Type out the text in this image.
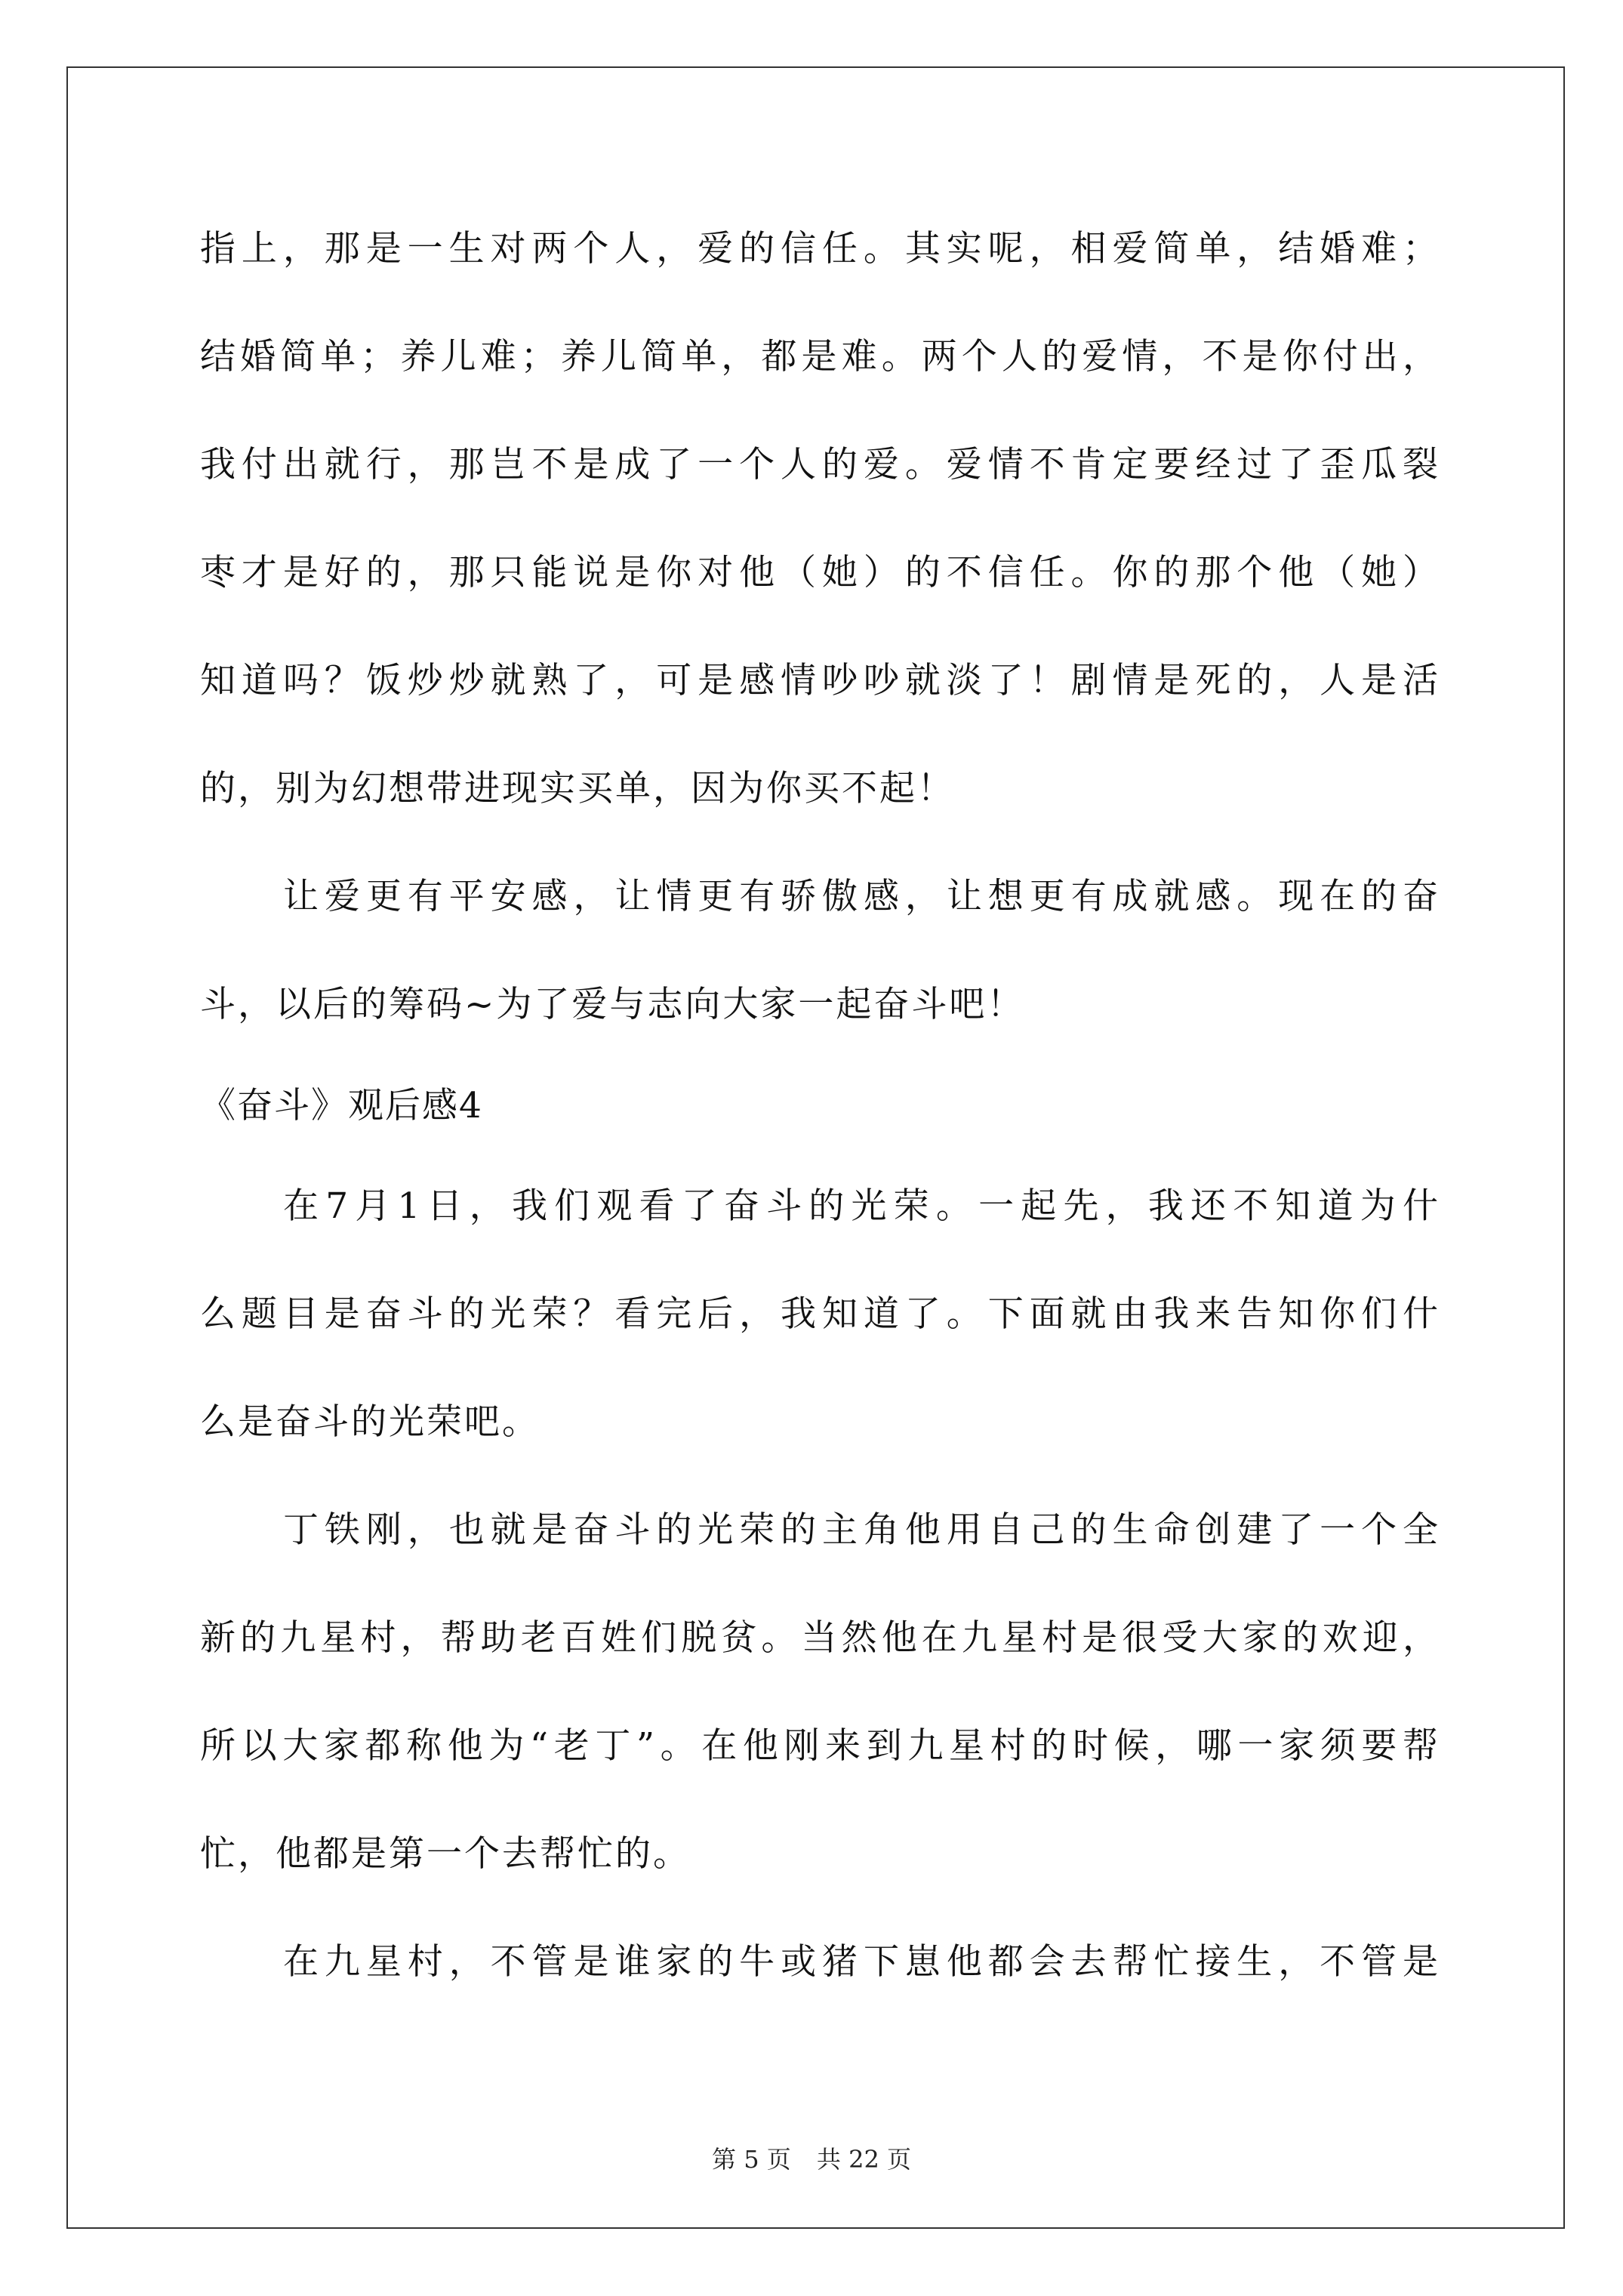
指上，那是一生对两个人，爱的信任。其实呢，相爱简单，结婚难；
结婚简单；养儿难；养儿简单，都是难。两个人的爱情，不是你付出，
我付出就行，那岂不是成了一个人的爱。爱情不肯定要经过了歪瓜裂
枣才是好的，那只能说是你对他（她）的不信任。你的那个他（她）
知道吗？饭炒炒就熟了，可是感情吵吵就淡了！剧情是死的，人是活
的，别为幻想带进现实买单，因为你买不起！
让爱更有平安感，让情更有骄傲感，让想更有成就感。现在的奋
斗，以后的筹码~为了爱与志向大家一起奋斗吧！
《奋斗》观后感4
在7月1日，我们观看了奋斗的光荣。一起先，我还不知道为什
么题目是奋斗的光荣？看完后，我知道了。下面就由我来告知你们什
么是奋斗的光荣吧。
丁铁刚，也就是奋斗的光荣的主角他用自己的生命创建了一个全
新的九星村，帮助老百姓们脱贫。当然他在九星村是很受大家的欢迎，
所以大家都称他为“老丁”。在他刚来到九星村的时候，哪一家须要帮
忙，他都是第一个去帮忙的。
在九星村，不管是谁家的牛或猪下崽他都会去帮忙接生，不管是
第 5 页 共 22 页
